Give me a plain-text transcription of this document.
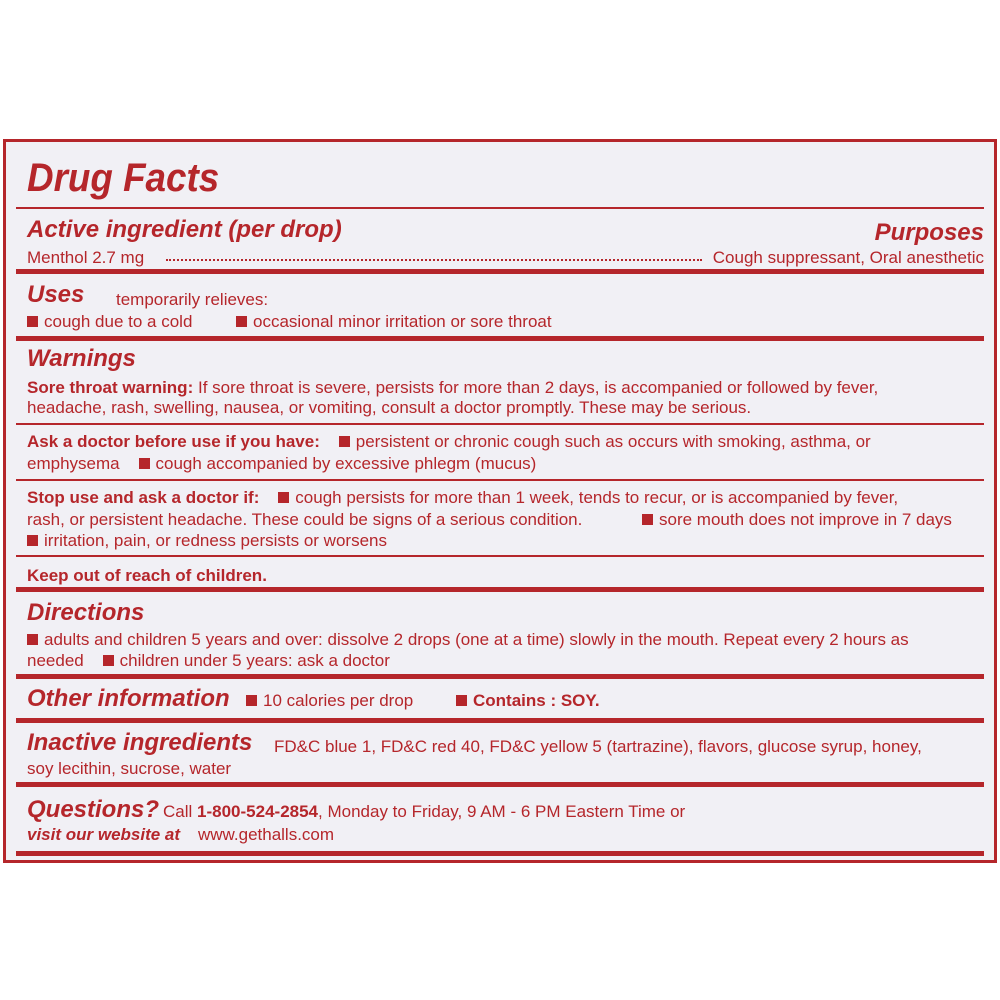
Drug Facts
Active ingredient (per drop)	Purposes
Menthol 2.7 mg	Cough suppressant, Oral anesthetic
Uses temporarily relieves:
cough due to a cold	occasional minor irritation or sore throat
Warnings
Sore throat warning: If sore throat is severe, persists for more than 2 days, is accompanied or followed by fever,
headache, rash, swelling, nausea, or vomiting, consult a doctor promptly. These may be serious.
Ask a doctor before use if you have: persistent or chronic cough such as occurs with smoking, asthma, or
emphysema cough accompanied by excessive phlegm (mucus)
Stop use and ask a doctor if: cough persists for more than 1 week, tends to recur, or is accompanied by fever,
rash, or persistent headache. These could be signs of a serious condition.	sore mouth does not improve in 7 days
irritation, pain, or redness persists or worsens
Keep out of reach of children.
Directions
adults and children 5 years and over: dissolve 2 drops (one at a time) slowly in the mouth. Repeat every 2 hours as
needed children under 5 years: ask a doctor
Other information	10 calories per drop	Contains : SOY.
Inactive ingredients FD&C blue 1, FD&C red 40, FD&C yellow 5 (tartrazine), flavors, glucose syrup, honey,
soy lecithin, sucrose, water
Questions? Call 1-800-524-2854, Monday to Friday, 9 AM - 6 PM Eastern Time or
visit our website at www.gethalls.com
